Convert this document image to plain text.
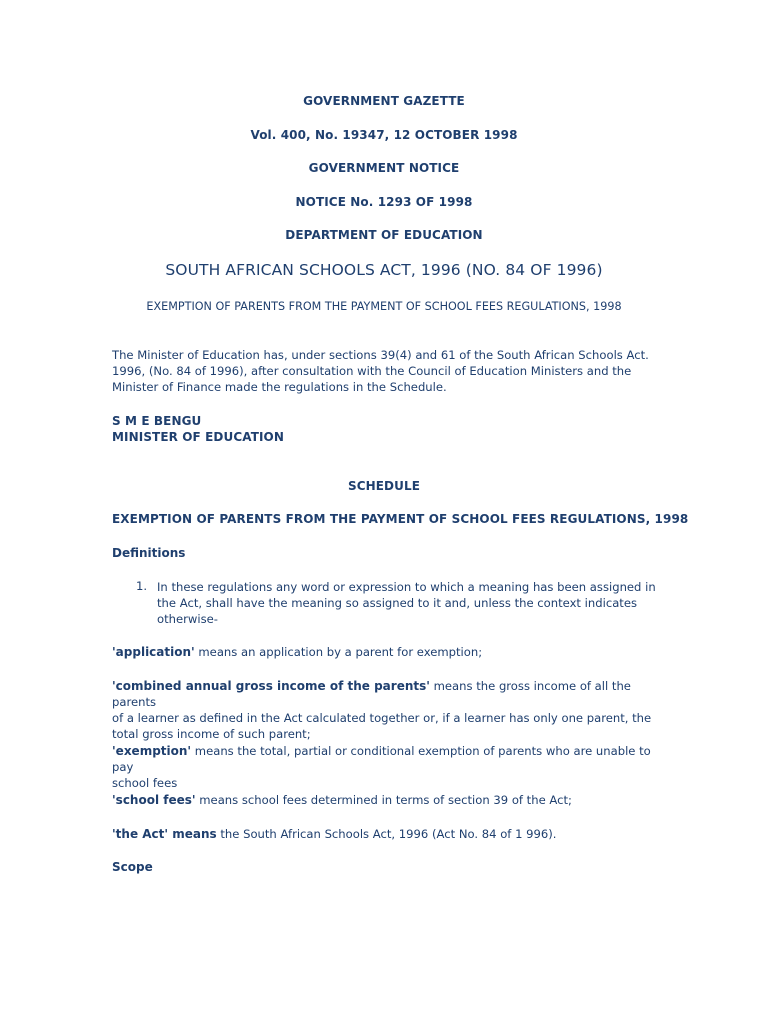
GOVERNMENT GAZETTE

Vol. 400, No. 19347, 12 OCTOBER 1998

GOVERNMENT NOTICE

NOTICE No. 1293 OF 1998

DEPARTMENT OF EDUCATION

SOUTH AFRICAN SCHOOLS ACT, 1996 (NO. 84 OF 1996)

EXEMPTION OF PARENTS FROM THE PAYMENT OF SCHOOL FEES REGULATIONS, 1998

The Minister of Education has, under sections 39(4) and 61 of the South African Schools Act.
1996, (No. 84 of 1996), after consultation with the Council of Education Ministers and the
Minister of Finance made the regulations in the Schedule.
S M E BENGU
MINISTER OF EDUCATION

SCHEDULE

EXEMPTION OF PARENTS FROM THE PAYMENT OF SCHOOL FEES REGULATIONS, 1998

Definitions

1. In these regulations any word or expression to which a meaning has been assigned in
the Act, shall have the meaning so assigned to it and, unless the context indicates
otherwise-
'application' means an application by a parent for exemption;
'combined annual gross income of the parents' means the gross income of all the parents
of a learner as defined in the Act calculated together or, if a learner has only one parent, the
total gross income of such parent;
'exemption' means the total, partial or conditional exemption of parents who are unable to pay
school fees
'school fees' means school fees determined in terms of section 39 of the Act;
'the Act' means the South African Schools Act, 1996 (Act No. 84 of 1 996).

Scope
